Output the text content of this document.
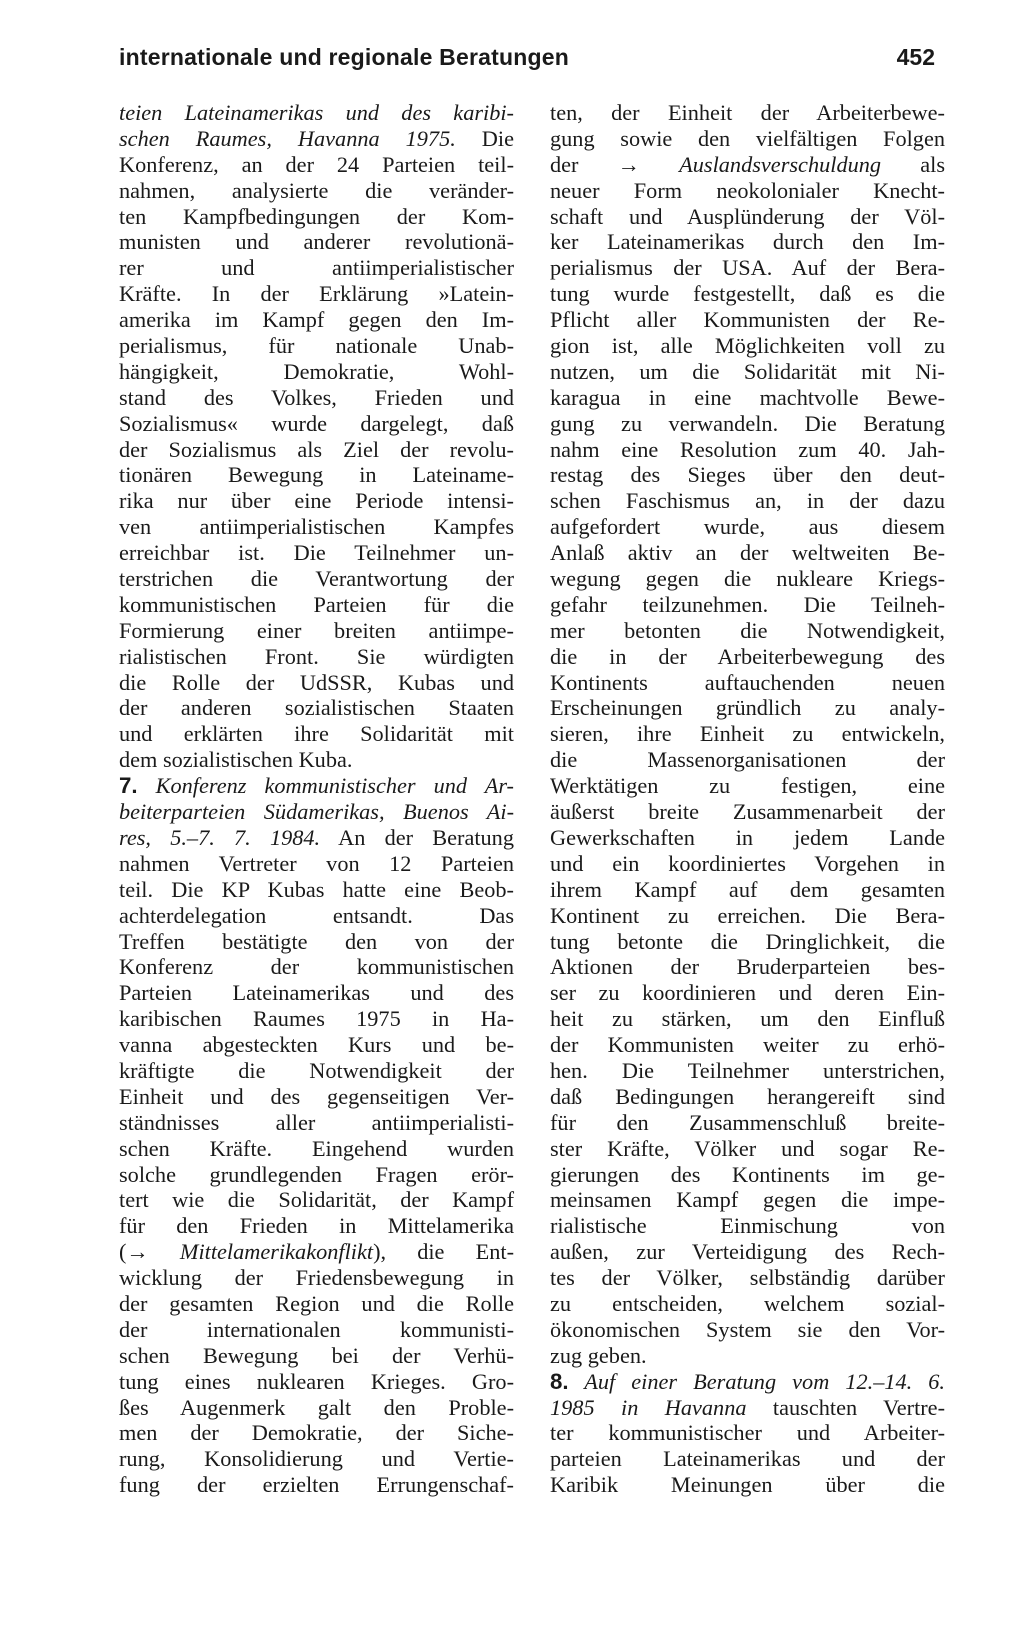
internationale und regionale Beratungen	452
teien Lateinamerikas und des karibi-
schen Raumes, Havanna 1975. Die
Konferenz, an der 24 Parteien teil-
nahmen, analysierte die veränder-
ten Kampfbedingungen der Kom-
munisten und anderer revolutionä-
rer und antiimperialistischer
Kräfte. In der Erklärung »Latein-
amerika im Kampf gegen den Im-
perialismus, für nationale Unab-
hängigkeit, Demokratie, Wohl-
stand des Volkes, Frieden und
Sozialismus« wurde dargelegt, daß
der Sozialismus als Ziel der revolu-
tionären Bewegung in Lateiname-
rika nur über eine Periode intensi-
ven antiimperialistischen Kampfes
erreichbar ist. Die Teilnehmer un-
terstrichen die Verantwortung der
kommunistischen Parteien für die
Formierung einer breiten antiimpe-
rialistischen Front. Sie würdigten
die Rolle der UdSSR, Kubas und
der anderen sozialistischen Staaten
und erklärten ihre Solidarität mit
dem sozialistischen Kuba.
7. Konferenz kommunistischer und Ar-
beiterparteien Südamerikas, Buenos Ai-
res, 5.–7. 7. 1984. An der Beratung
nahmen Vertreter von 12 Parteien
teil. Die KP Kubas hatte eine Beob-
achterdelegation entsandt. Das
Treffen bestätigte den von der
Konferenz der kommunistischen
Parteien Lateinamerikas und des
karibischen Raumes 1975 in Ha-
vanna abgesteckten Kurs und be-
kräftigte die Notwendigkeit der
Einheit und des gegenseitigen Ver-
ständnisses aller antiimperialisti-
schen Kräfte. Eingehend wurden
solche grundlegenden Fragen erör-
tert wie die Solidarität, der Kampf
für den Frieden in Mittelamerika
(→ Mittelamerikakonflikt), die Ent-
wicklung der Friedensbewegung in
der gesamten Region und die Rolle
der internationalen kommunisti-
schen Bewegung bei der Verhü-
tung eines nuklearen Krieges. Gro-
ßes Augenmerk galt den Proble-
men der Demokratie, der Siche-
rung, Konsolidierung und Vertie-
fung der erzielten Errungenschaf-
ten, der Einheit der Arbeiterbewe-
gung sowie den vielfältigen Folgen
der → Auslandsverschuldung als
neuer Form neokolonialer Knecht-
schaft und Ausplünderung der Völ-
ker Lateinamerikas durch den Im-
perialismus der USA. Auf der Bera-
tung wurde festgestellt, daß es die
Pflicht aller Kommunisten der Re-
gion ist, alle Möglichkeiten voll zu
nutzen, um die Solidarität mit Ni-
karagua in eine machtvolle Bewe-
gung zu verwandeln. Die Beratung
nahm eine Resolution zum 40. Jah-
restag des Sieges über den deut-
schen Faschismus an, in der dazu
aufgefordert wurde, aus diesem
Anlaß aktiv an der weltweiten Be-
wegung gegen die nukleare Kriegs-
gefahr teilzunehmen. Die Teilneh-
mer betonten die Notwendigkeit,
die in der Arbeiterbewegung des
Kontinents auftauchenden neuen
Erscheinungen gründlich zu analy-
sieren, ihre Einheit zu entwickeln,
die Massenorganisationen der
Werktätigen zu festigen, eine
äußerst breite Zusammenarbeit der
Gewerkschaften in jedem Lande
und ein koordiniertes Vorgehen in
ihrem Kampf auf dem gesamten
Kontinent zu erreichen. Die Bera-
tung betonte die Dringlichkeit, die
Aktionen der Bruderparteien bes-
ser zu koordinieren und deren Ein-
heit zu stärken, um den Einfluß
der Kommunisten weiter zu erhö-
hen. Die Teilnehmer unterstrichen,
daß Bedingungen herangereift sind
für den Zusammenschluß breite-
ster Kräfte, Völker und sogar Re-
gierungen des Kontinents im ge-
meinsamen Kampf gegen die impe-
rialistische Einmischung von
außen, zur Verteidigung des Rech-
tes der Völker, selbständig darüber
zu entscheiden, welchem sozial-
ökonomischen System sie den Vor-
zug geben.
8. Auf einer Beratung vom 12.–14. 6.
1985 in Havanna tauschten Vertre-
ter kommunistischer und Arbeiter-
parteien Lateinamerikas und der
Karibik Meinungen über die
